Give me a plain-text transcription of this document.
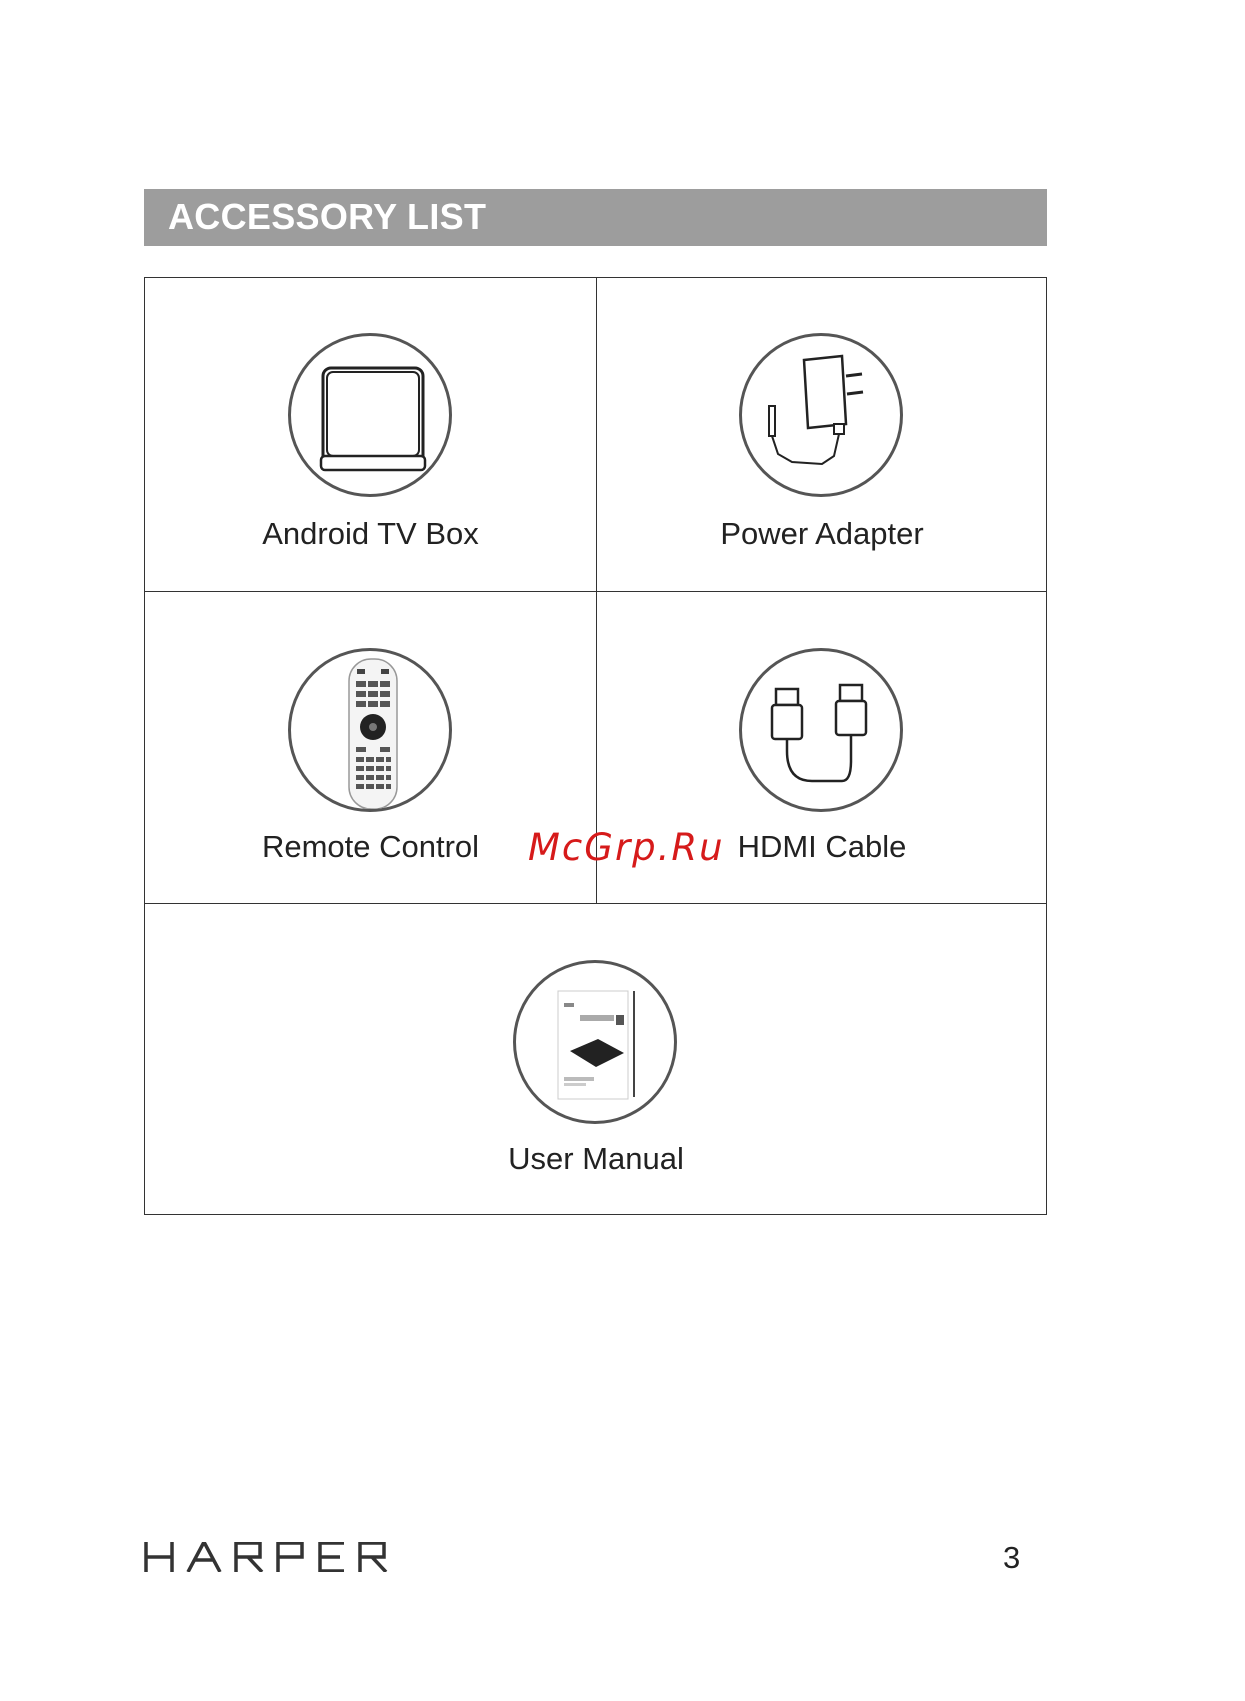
ACCESSORY LIST
Android TV Box	Power Adapter
Remote Control	HDMI Cable
User Manual
McGrp.Ru
3
